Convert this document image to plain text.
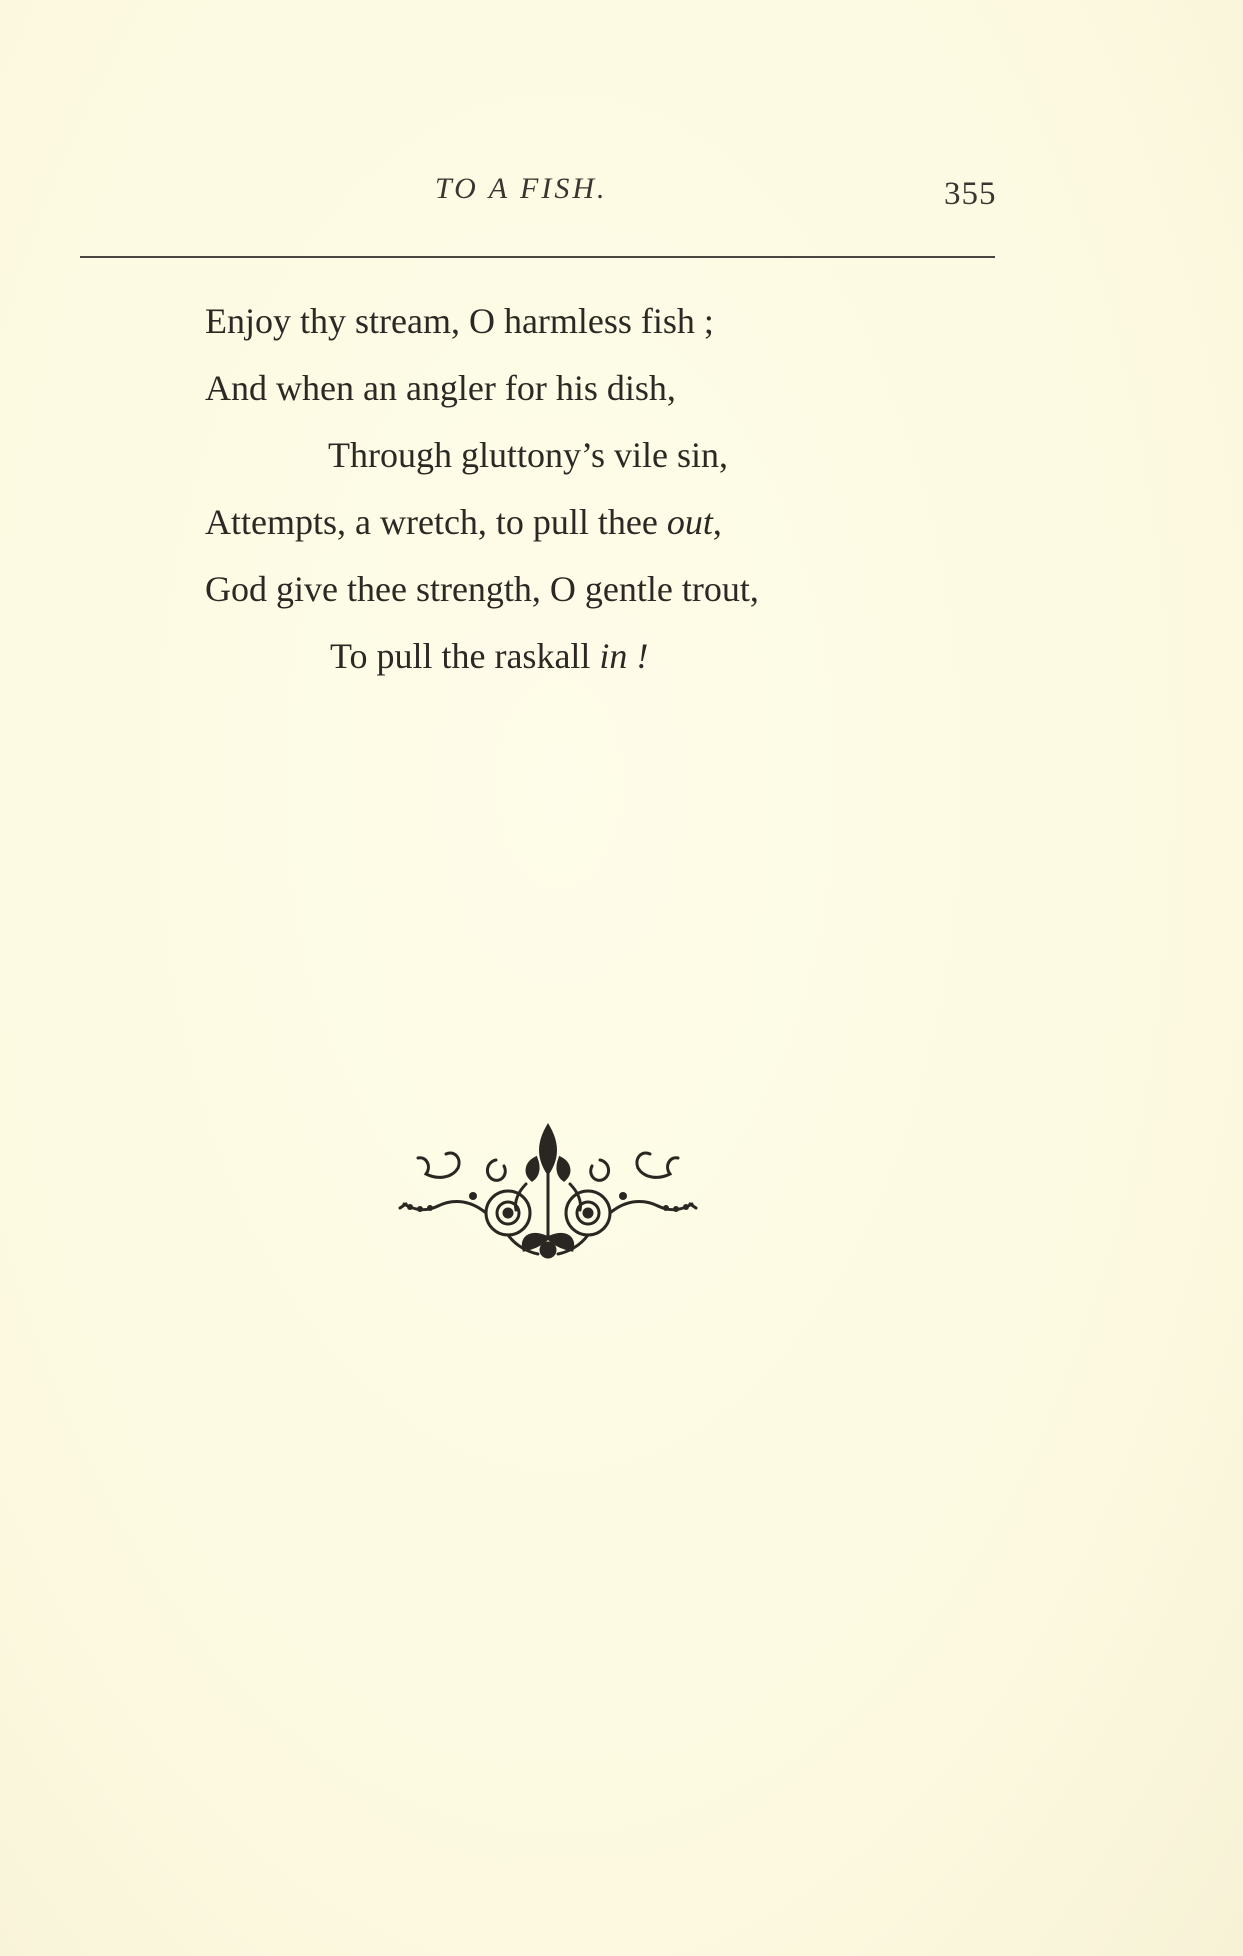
TO A FISH.	355
Enjoy thy stream, O harmless fish ;
And when an angler for his dish,
Through gluttony’s vile sin,
Attempts, a wretch, to pull thee out,
God give thee strength, O gentle trout,
To pull the raskall in !
